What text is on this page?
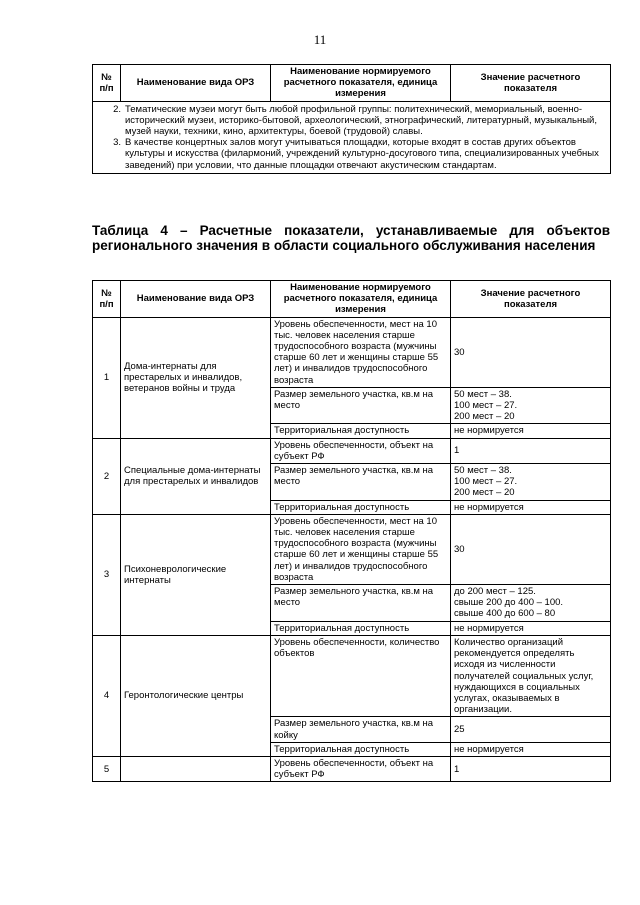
11
№ п/п	Наименование вида ОРЗ	Наименование нормируемого расчетного показателя, единица измерения	Значение расчетного показателя

2. Тематические музеи могут быть любой профильной группы: политехнический, мемориальный, военно-исторический музеи, историко-бытовой, археологический, этнографический, литературный, музыкальный, музей науки, техники, кино, архитектуры, боевой (трудовой) славы.
3. В качестве концертных залов могут учитываться площадки, которые входят в состав других объектов культуры и искусства (филармоний, учреждений культурно-досугового типа, специализированных учебных заведений) при условии, что данные площадки отвечают акустическим стандартам.
Таблица 4 – Расчетные показатели, устанавливаемые для объектов регионального значения в области социального обслуживания населения
№ п/п	Наименование вида ОРЗ	Наименование нормируемого расчетного показателя, единица измерения	Значение расчетного показателя
1	Дома-интернаты для престарелых и инвалидов, ветеранов войны и труда	Уровень обеспеченности, мест на 10 тыс. человек населения старше трудоспособного возраста (мужчины старше 60 лет и женщины старше 55 лет) и инвалидов трудоспособного возраста	30
		Размер земельного участка, кв.м на место	50 мест – 38.
100 мест – 27.
200 мест – 20
		Территориальная доступность	не нормируется
2	Специальные дома-интернаты для престарелых и инвалидов	Уровень обеспеченности, объект на субъект РФ	1
		Размер земельного участка, кв.м на место	50 мест – 38.
100 мест – 27.
200 мест – 20
		Территориальная доступность	не нормируется
3	Психоневрологические интернаты	Уровень обеспеченности, мест на 10 тыс. человек населения старше трудоспособного возраста (мужчины старше 60 лет и женщины старше 55 лет) и инвалидов трудоспособного возраста	30
		Размер земельного участка, кв.м на место	до 200 мест – 125.
свыше 200 до 400 – 100.
свыше 400 до 600 – 80
		Территориальная доступность	не нормируется
4	Геронтологические центры	Уровень обеспеченности, количество объектов	Количество организаций рекомендуется определять исходя из численности получателей социальных услуг, нуждающихся в социальных услугах, оказываемых в организации.
		Размер земельного участка, кв.м на койку	25
		Территориальная доступность	не нормируется
5		Уровень обеспеченности, объект на субъект РФ	1
